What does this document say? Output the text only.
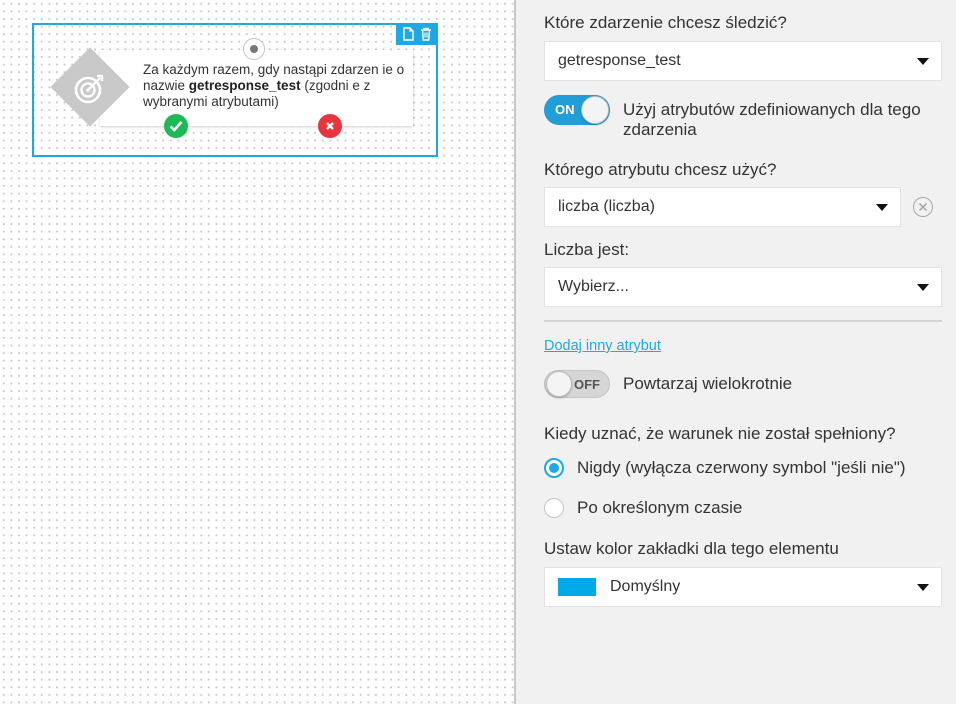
Za każdym razem, gdy nastąpi zdarzen ie o nazwie getresponse_test (zgodni e z wybranymi atrybutami)
Które zdarzenie chcesz śledzić?
getresponse_test
ON	Użyj atrybutów zdefiniowanych dla tego zdarzenia
Którego atrybutu chcesz użyć?
liczba (liczba)
Liczba jest:
Wybierz...
Dodaj inny atrybut
OFF Powtarzaj wielokrotnie
Kiedy uznać, że warunek nie został spełniony?
Nigdy (wyłącza czerwony symbol "jeśli nie")
Po określonym czasie
Ustaw kolor zakładki dla tego elementu
Domyślny
